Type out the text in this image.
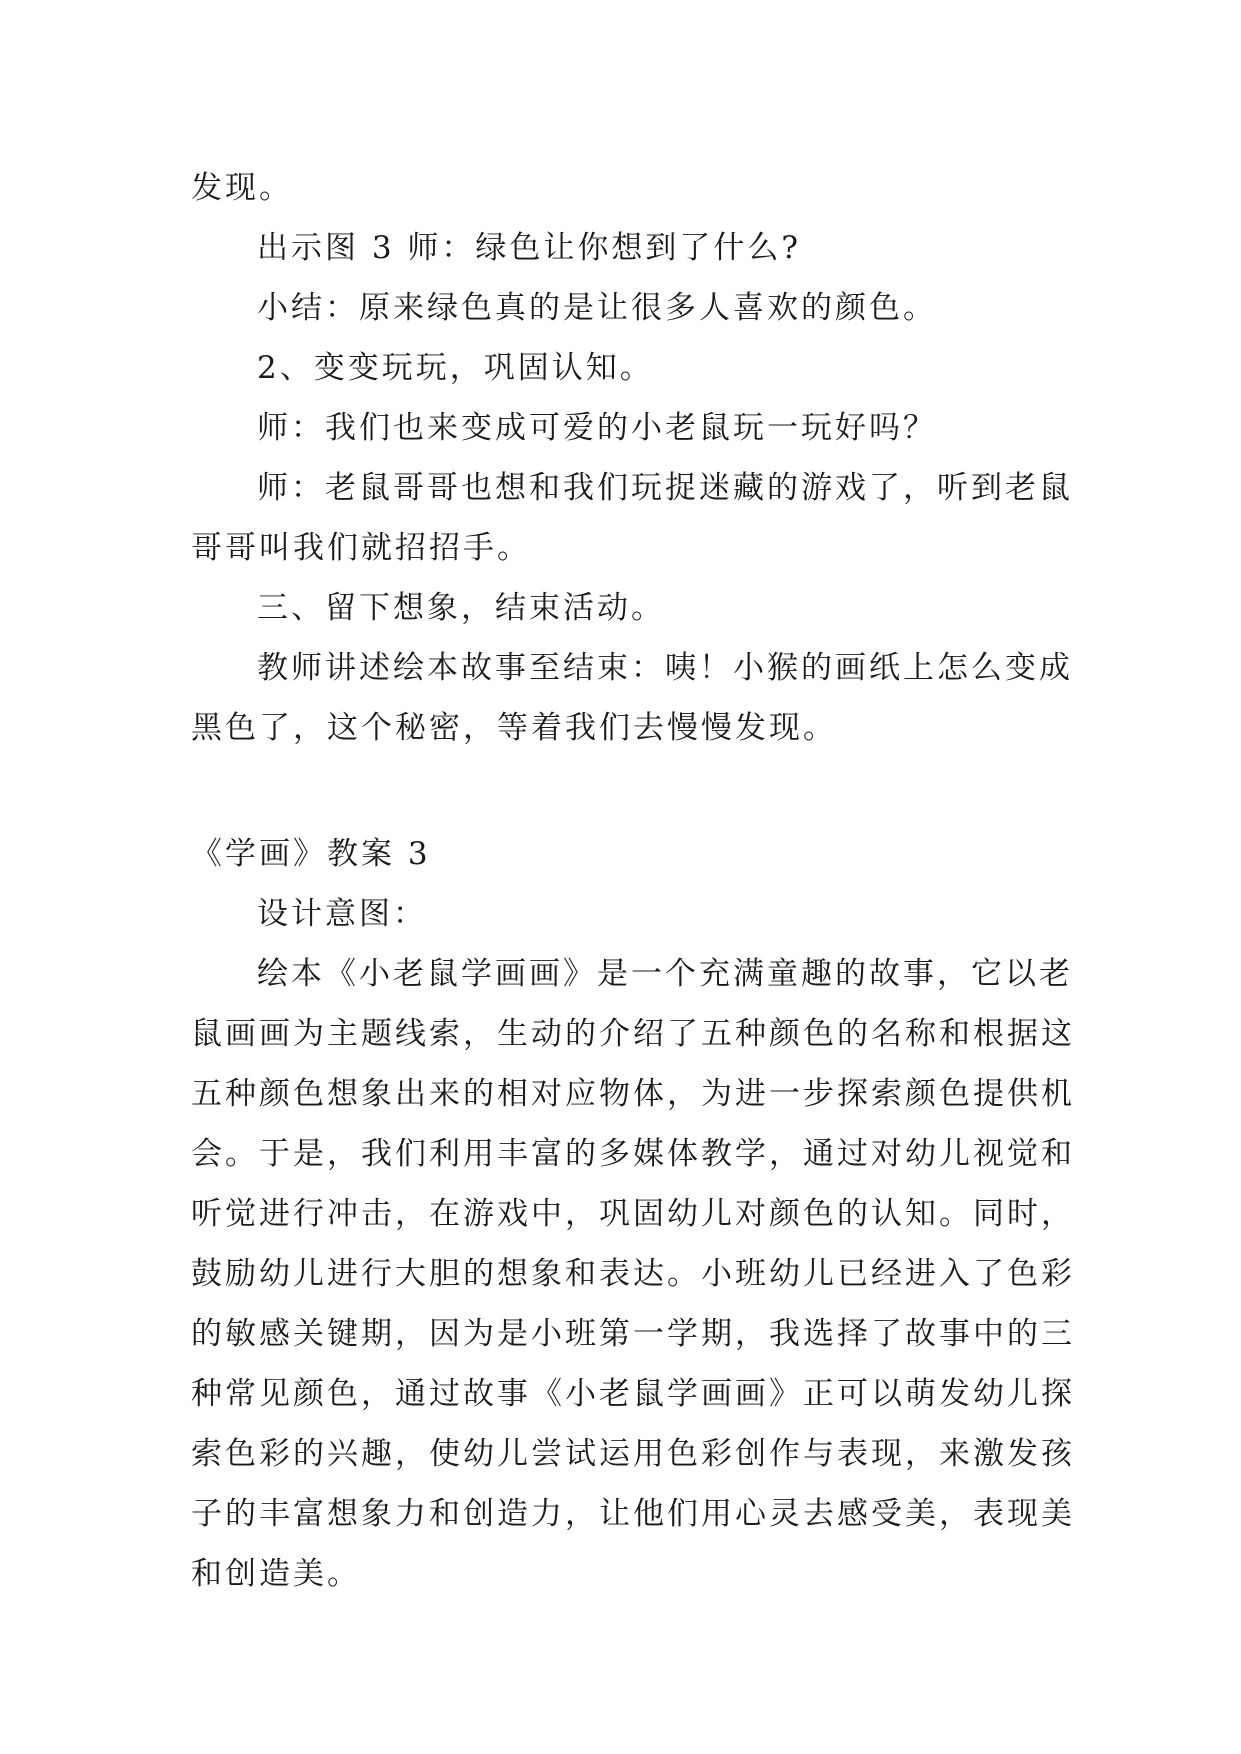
发现。

出示图 3 师：绿色让你想到了什么?

小结：原来绿色真的是让很多人喜欢的颜色。

2、变变玩玩，巩固认知。

师：我们也来变成可爱的小老鼠玩一玩好吗？

师：老鼠哥哥也想和我们玩捉迷藏的游戏了，听到老鼠

哥哥叫我们就招招手。

三、留下想象，结束活动。

教师讲述绘本故事至结束：咦！小猴的画纸上怎么变成

黑色了，这个秘密，等着我们去慢慢发现。

《学画》教案 3

设计意图：

绘本《小老鼠学画画》是一个充满童趣的故事，它以老

鼠画画为主题线索，生动的介绍了五种颜色的名称和根据这

五种颜色想象出来的相对应物体，为进一步探索颜色提供机

会。于是，我们利用丰富的多媒体教学，通过对幼儿视觉和

听觉进行冲击，在游戏中，巩固幼儿对颜色的认知。同时，

鼓励幼儿进行大胆的想象和表达。小班幼儿已经进入了色彩

的敏感关键期，因为是小班第一学期，我选择了故事中的三

种常见颜色，通过故事《小老鼠学画画》正可以萌发幼儿探

索色彩的兴趣，使幼儿尝试运用色彩创作与表现，来激发孩

子的丰富想象力和创造力，让他们用心灵去感受美，表现美

和创造美。
